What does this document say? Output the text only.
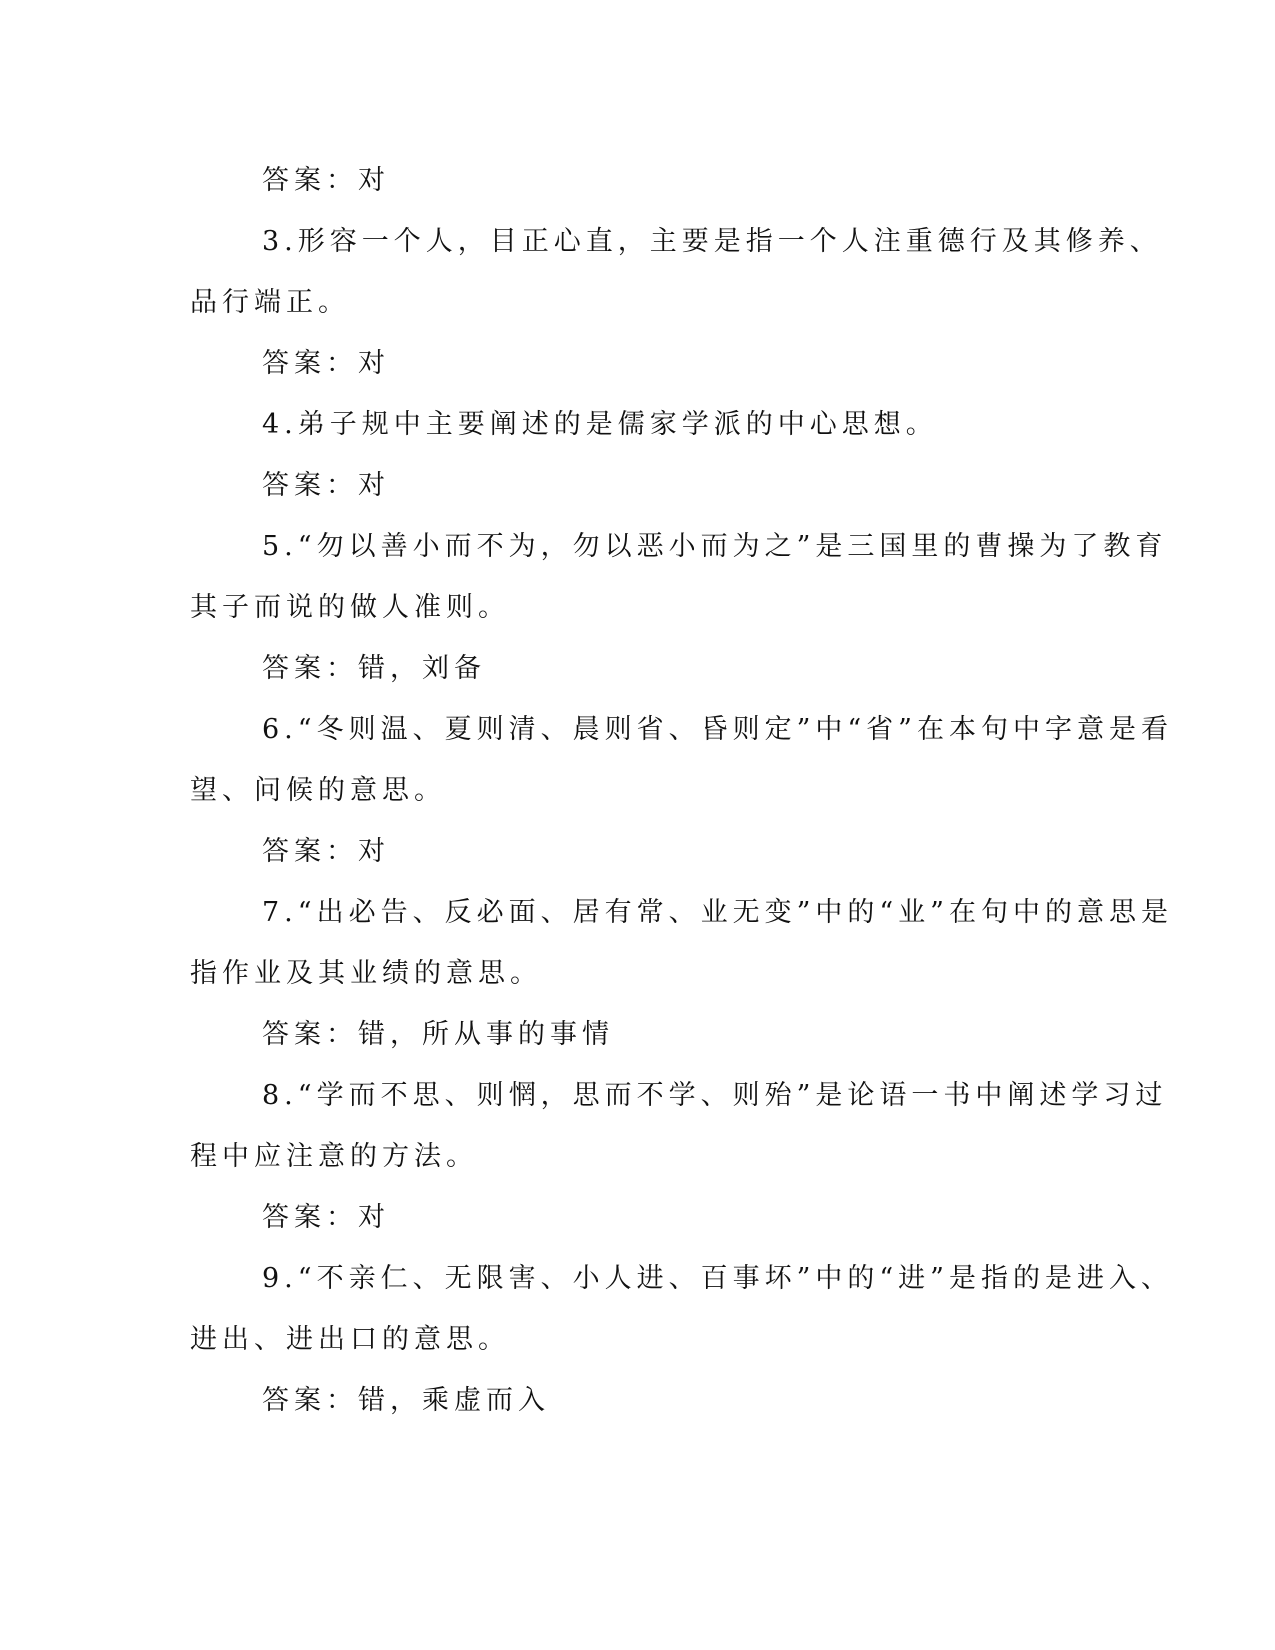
答案：对
3.形容一个人，目正心直，主要是指一个人注重德行及其修养、
品行端正。
答案：对
4.弟子规中主要阐述的是儒家学派的中心思想。
答案：对
5.“勿以善小而不为，勿以恶小而为之”是三国里的曹操为了教育
其子而说的做人准则。
答案：错，刘备
6.“冬则温、夏则清、晨则省、昏则定”中“省”在本句中字意是看
望、问候的意思。
答案：对
7.“出必告、反必面、居有常、业无变”中的“业”在句中的意思是
指作业及其业绩的意思。
答案：错，所从事的事情
8.“学而不思、则惘，思而不学、则殆”是论语一书中阐述学习过
程中应注意的方法。
答案：对
9.“不亲仁、无限害、小人进、百事坏”中的“进”是指的是进入、
进出、进出口的意思。
答案：错，乘虚而入
